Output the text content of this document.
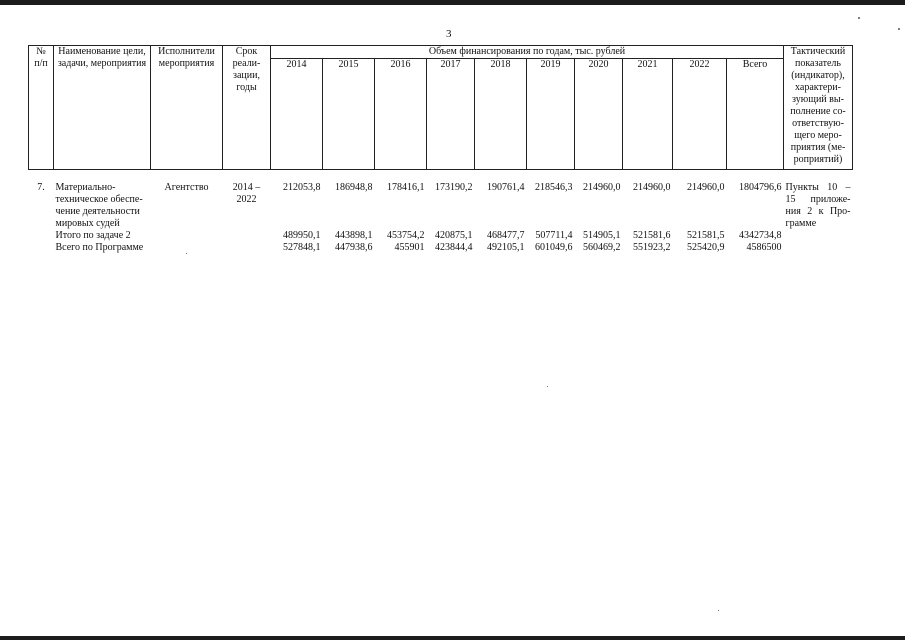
3
№ п/п	Наименование цели, задачи, мероприятия	Исполнители мероприятия	Срок реали-зации, годы	Объем финансирования по годам, тыс. рублей										Тактический показатель (индикатор), характери-зующий вы-полнение со-ответствую-щего меро-приятия (ме-роприятий)
				2014	2015	2016	2017	2018	2019	2020	2021	2022	Всего	

7.	Материально-техническое обеспе-чение деятельности мировых судей	Агентство	2014 – 2022	212053,8	186948,8	178416,1	173190,2	190761,4	218546,3	214960,0	214960,0	214960,0	1804796,6	Пункты 10 – 15 приложе-ния 2 к Про-грамме
	Итого по задаче 2			489950,1	443898,1	453754,2	420875,1	468477,7	507711,4	514905,1	521581,6	521581,5	4342734,8	
	Всего по Программе			527848,1	447938,6	455901	423844,4	492105,1	601049,6	560469,2	551923,2	525420,9	4586500	
